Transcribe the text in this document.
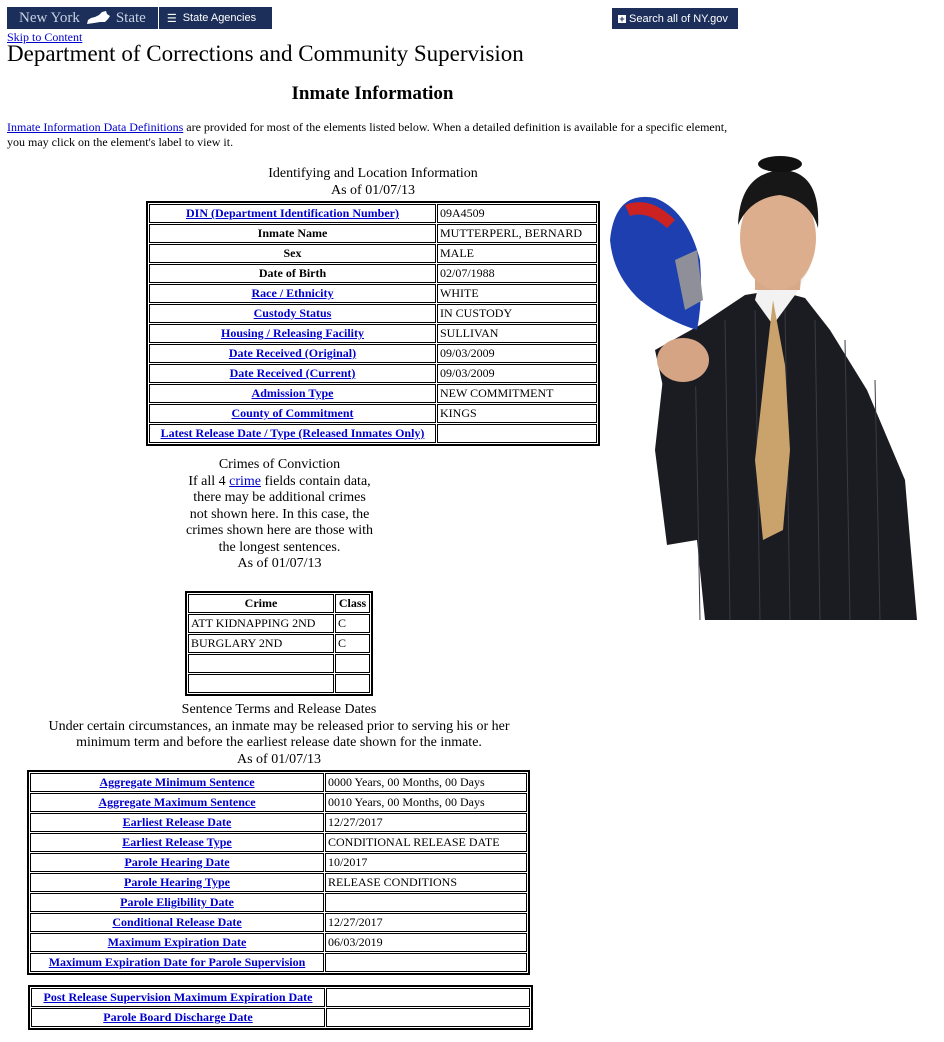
New York State ☰ State Agencies	+ Search all of NY.gov
Skip to Content
Department of Corrections and Community Supervision
Inmate Information

Inmate Information Data Definitions are provided for most of the elements listed below. When a detailed definition is available for a specific element, you may click on the element's label to view it.

Identifying and Location Information
As of 01/07/13
DIN (Department Identification Number)	09A4509
Inmate Name	MUTTERPERL, BERNARD
Sex	MALE
Date of Birth	02/07/1988
Race / Ethnicity	WHITE
Custody Status	IN CUSTODY
Housing / Releasing Facility	SULLIVAN
Date Received (Original)	09/03/2009
Date Received (Current)	09/03/2009
Admission Type	NEW COMMITMENT
County of Commitment	KINGS
Latest Release Date / Type (Released Inmates Only)	
Crimes of Conviction
If all 4 crime fields contain data, there may be additional crimes not shown here. In this case, the crimes shown here are those with the longest sentences.
As of 01/07/13
Crime	Class
ATT KIDNAPPING 2ND	C
BURGLARY 2ND	C

Sentence Terms and Release Dates
Under certain circumstances, an inmate may be released prior to serving his or her minimum term and before the earliest release date shown for the inmate.
As of 01/07/13
Aggregate Minimum Sentence	0000 Years, 00 Months, 00 Days
Aggregate Maximum Sentence	0010 Years, 00 Months, 00 Days
Earliest Release Date	12/27/2017
Earliest Release Type	CONDITIONAL RELEASE DATE
Parole Hearing Date	10/2017
Parole Hearing Type	RELEASE CONDITIONS
Parole Eligibility Date	
Conditional Release Date	12/27/2017
Maximum Expiration Date	06/03/2019
Maximum Expiration Date for Parole Supervision	
Post Release Supervision Maximum Expiration Date	
Parole Board Discharge Date	
